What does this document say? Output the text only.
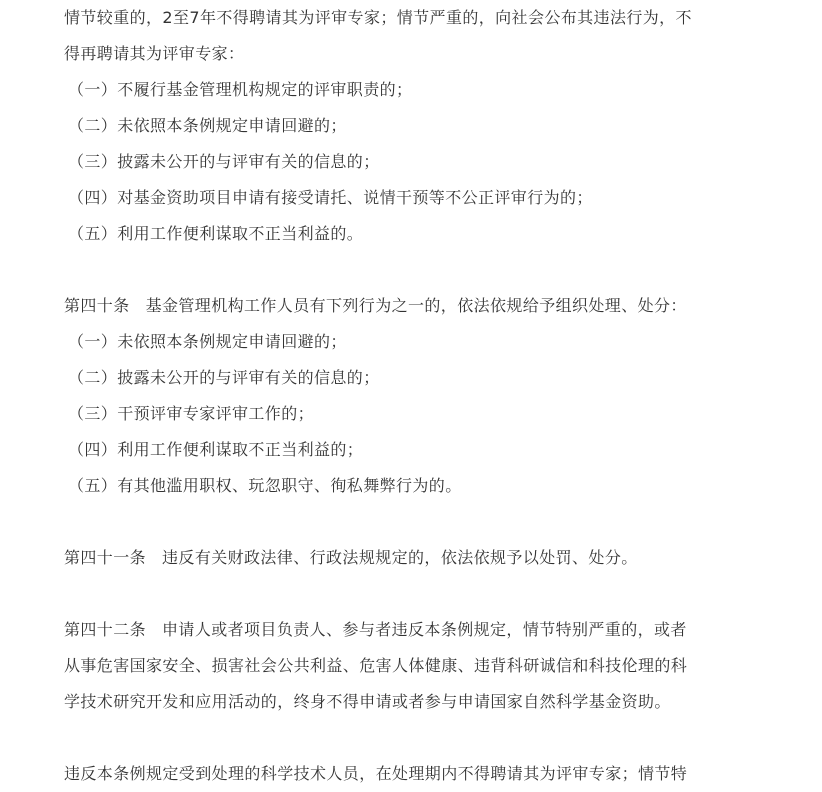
情节较重的，2至7年不得聘请其为评审专家；情节严重的，向社会公布其违法行为，不
得再聘请其为评审专家：
（一）不履行基金管理机构规定的评审职责的；
（二）未依照本条例规定申请回避的；
（三）披露未公开的与评审有关的信息的；
（四）对基金资助项目申请有接受请托、说情干预等不公正评审行为的；
（五）利用工作便利谋取不正当利益的。
第四十条 基金管理机构工作人员有下列行为之一的，依法依规给予组织处理、处分：
（一）未依照本条例规定申请回避的；
（二）披露未公开的与评审有关的信息的；
（三）干预评审专家评审工作的；
（四）利用工作便利谋取不正当利益的；
（五）有其他滥用职权、玩忽职守、徇私舞弊行为的。
第四十一条 违反有关财政法律、行政法规规定的，依法依规予以处罚、处分。
第四十二条 申请人或者项目负责人、参与者违反本条例规定，情节特别严重的，或者
从事危害国家安全、损害社会公共利益、危害人体健康、违背科研诚信和科技伦理的科
学技术研究开发和应用活动的，终身不得申请或者参与申请国家自然科学基金资助。
违反本条例规定受到处理的科学技术人员，在处理期内不得聘请其为评审专家；情节特
